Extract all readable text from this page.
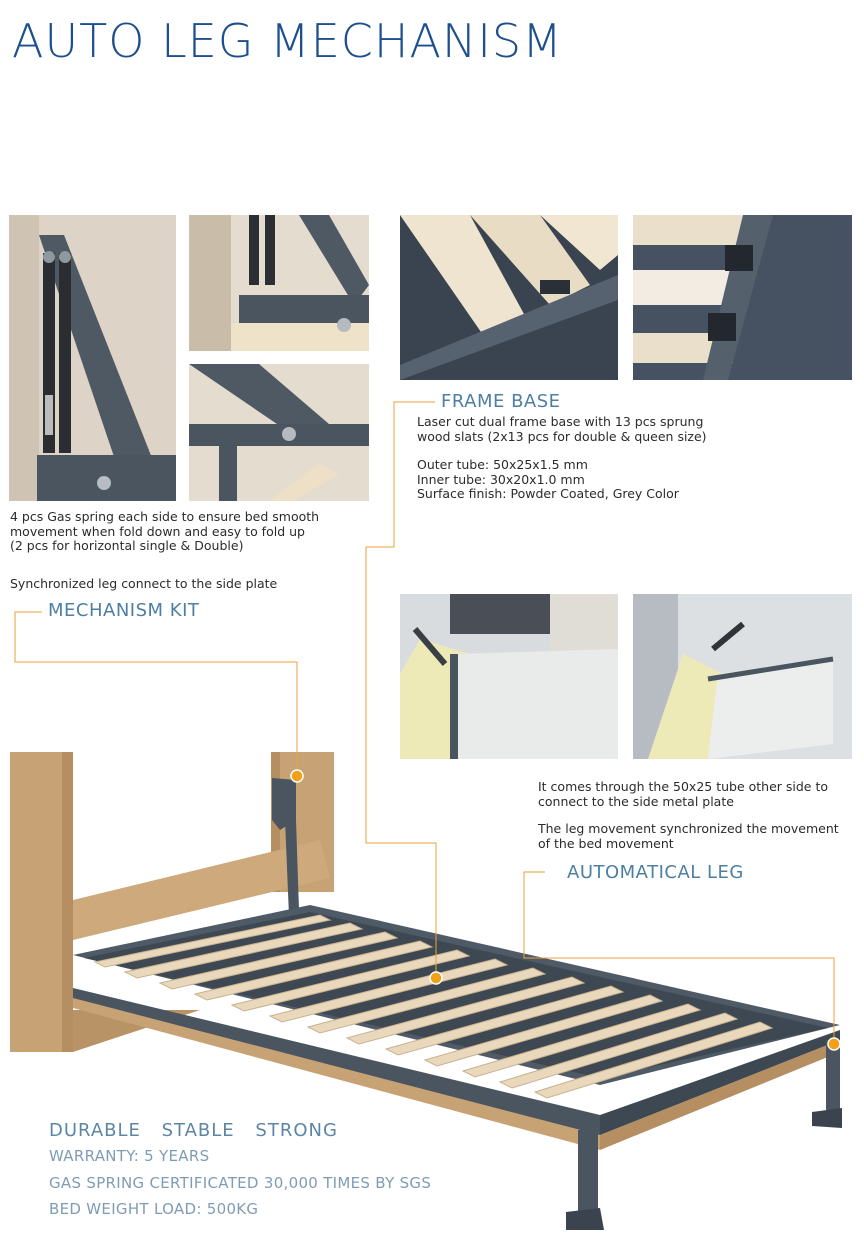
AUTO LEG MECHANISM
4 pcs Gas spring each side to ensure bed smooth
movement when fold down and easy to fold up
(2 pcs for horizontal single & Double)
Synchronized leg connect to the side plate
MECHANISM KIT
FRAME BASE
Laser cut dual frame base with 13 pcs sprung
wood slats (2x13 pcs for double & queen size)
Outer tube: 50x25x1.5 mm
Inner tube: 30x20x1.0 mm
Surface finish: Powder Coated, Grey Color
It comes through the 50x25 tube other side to
connect to the side metal plate
The leg movement synchronized the movement
of the bed movement
AUTOMATICAL LEG
DURABLE STABLE STRONG
WARRANTY: 5 YEARS
GAS SPRING CERTIFICATED 30,000 TIMES BY SGS
BED WEIGHT LOAD: 500KG
